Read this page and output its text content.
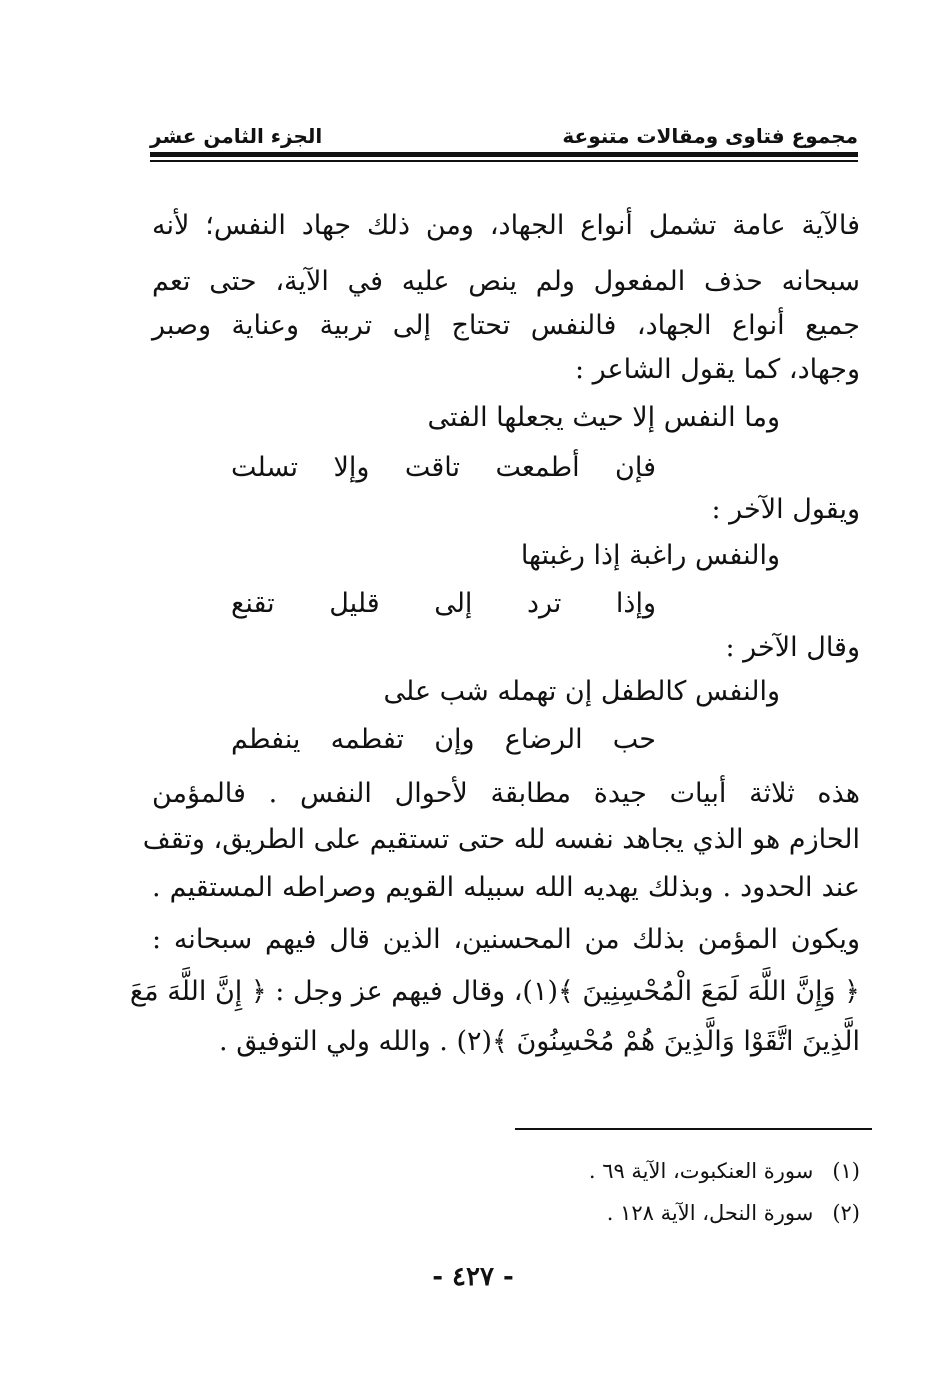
مجموع فتاوى ومقالات متنوعة
الجزء الثامن عشر
فالآية عامة تشمل أنواع الجهاد، ومن ذلك جهاد النفس؛ لأنه
سبحانه حذف المفعول ولم ينص عليه في الآية، حتى تعم
جميع أنواع الجهاد، فالنفس تحتاج إلى تربية وعناية وصبر
وجهاد، كما يقول الشاعر :
وما النفس إلا حيث يجعلها الفتى
فإن أطمعت تاقت وإلا تسلت
ويقول الآخر :
والنفس راغبة إذا رغبتها
وإذا ترد إلى قليل تقنع
وقال الآخر :
والنفس كالطفل إن تهمله شب على
حب الرضاع وإن تفطمه ينفطم
هذه ثلاثة أبيات جيدة مطابقة لأحوال النفس . فالمؤمن
الحازم هو الذي يجاهد نفسه لله حتى تستقيم على الطريق، وتقف
عند الحدود . وبذلك يهديه الله سبيله القويم وصراطه المستقيم .
ويكون المؤمن بذلك من المحسنين، الذين قال فيهم سبحانه :
﴿ وَإِنَّ اللَّهَ لَمَعَ الْمُحْسِنِينَ ﴾(١)، وقال فيهم عز وجل : ﴿ إِنَّ اللَّهَ مَعَ
الَّذِينَ اتَّقَوْا وَالَّذِينَ هُمْ مُحْسِنُونَ ﴾(٢) . والله ولي التوفيق .
(١) سورة العنكبوت، الآية ٦٩ .
(٢) سورة النحل، الآية ١٢٨ .
- ٤٢٧ -
